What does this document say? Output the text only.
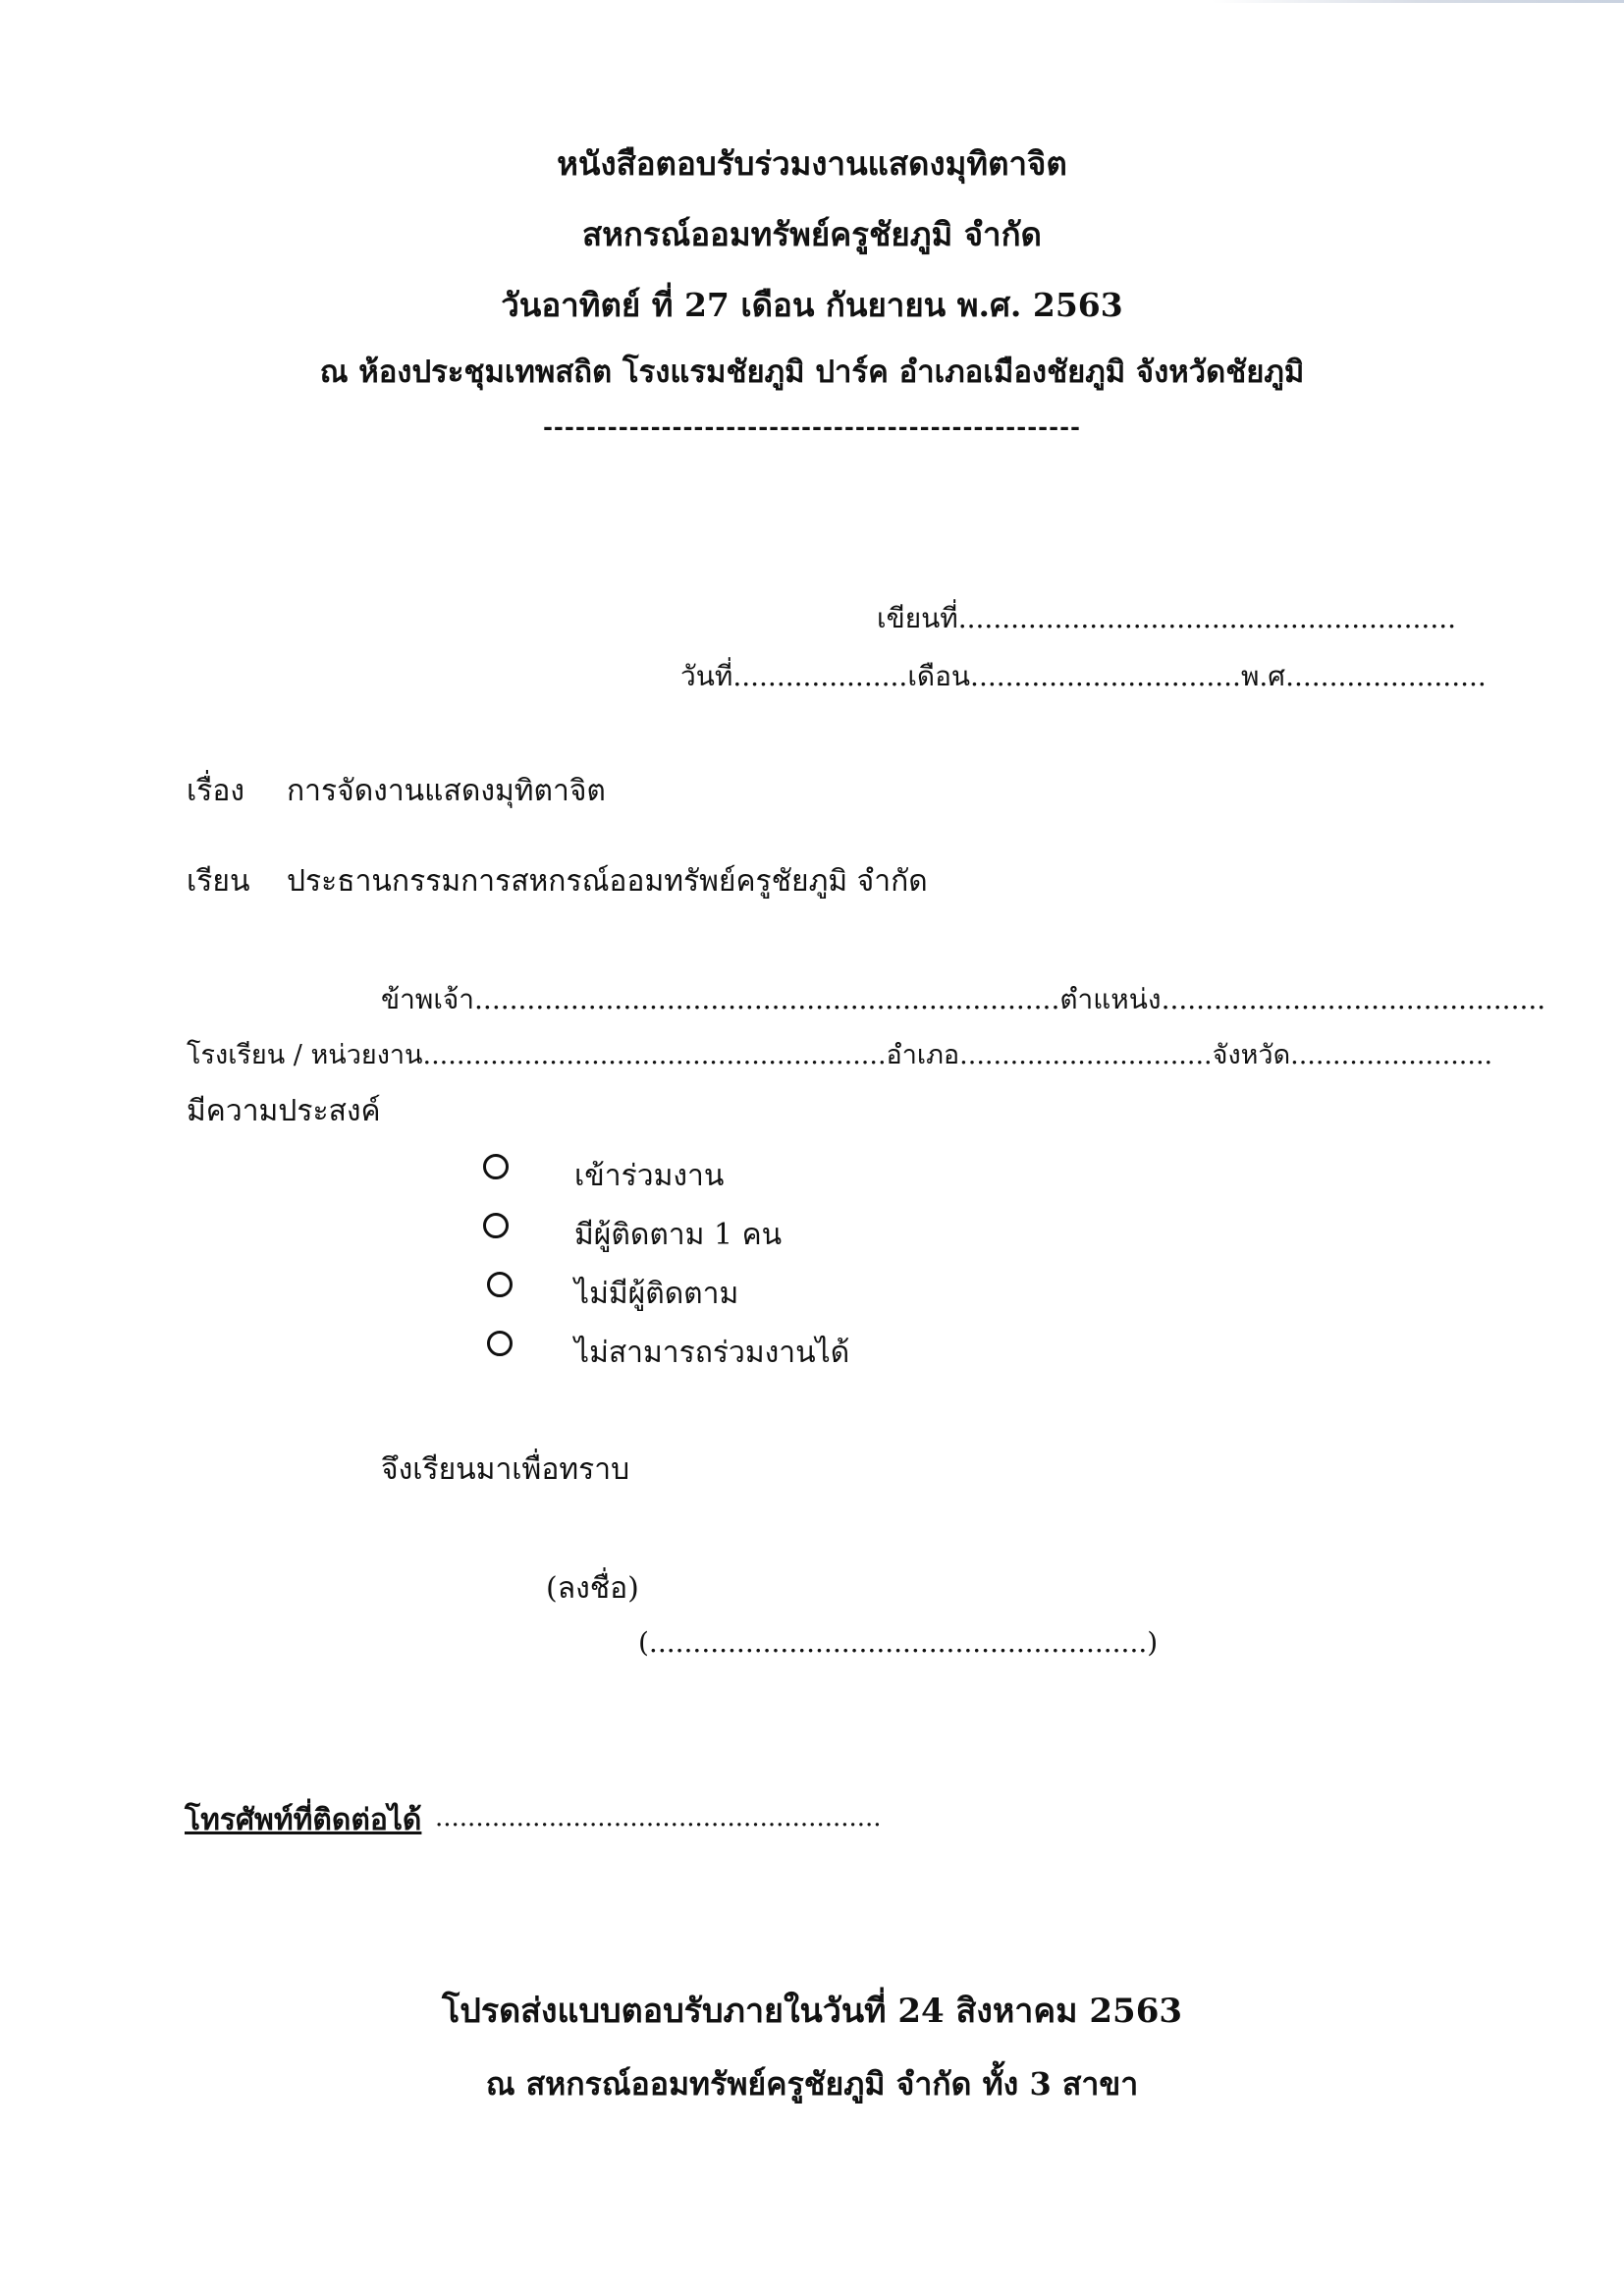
หนังสือตอบรับร่วมงานแสดงมุทิตาจิต
สหกรณ์ออมทรัพย์ครูชัยภูมิ จำกัด
วันอาทิตย์ ที่ 27 เดือน กันยายน พ.ศ. 2563
ณ ห้องประชุมเทพสถิต โรงแรมชัยภูมิ ปาร์ค อำเภอเมืองชัยภูมิ จังหวัดชัยภูมิ
--------------------------------------------------
เขียนที่.........................................................
วันที่....................เดือน...............................พ.ศ.......................
เรื่อง การจัดงานแสดงมุทิตาจิต
เรียน ประธานกรรมการสหกรณ์ออมทรัพย์ครูชัยภูมิ จำกัด
ข้าพเจ้า...................................................................ตำแหน่ง............................................
โรงเรียน / หน่วยงาน.......................................................อำเภอ..............................จังหวัด........................
มีความประสงค์
เข้าร่วมงาน
มีผู้ติดตาม 1 คน
ไม่มีผู้ติดตาม
ไม่สามารถร่วมงานได้
จึงเรียนมาเพื่อทราบ
(ลงชื่อ)
(.........................................................)
โทรศัพท์ที่ติดต่อได้ .......................................................
โปรดส่งแบบตอบรับภายในวันที่ 24 สิงหาคม 2563
ณ สหกรณ์ออมทรัพย์ครูชัยภูมิ จำกัด ทั้ง 3 สาขา
